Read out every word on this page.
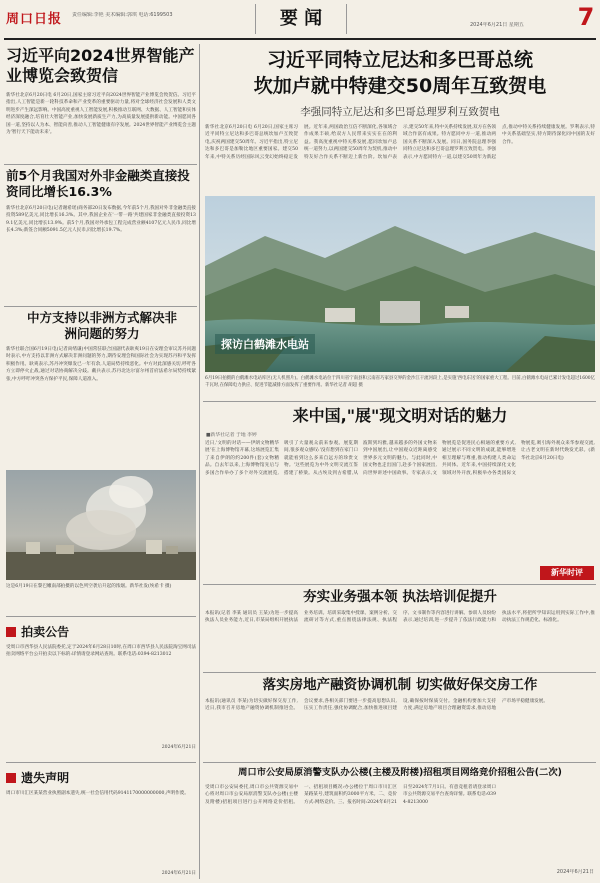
周口日报	责任编辑:李艳 美术编辑:郭琪 电话:6199503	要 闻	2024年6月21日 星期五	7
习近平向2024世界智能产业博览会致贺信
新华社北京6月20日电 6月20日,国家主席习近平向2024世界智能产业博览会致贺信。习近平指出,人工智能是新一轮科技革命和产业变革的重要驱动力量,将对全球经济社会发展和人类文明进步产生深远影响。中国高度重视人工智能发展,积极推动互联网、大数据、人工智能和实体经济深度融合,培育壮大智能产业,加快发展新质生产力,为高质量发展提供新动能。中国愿同各国一道,坚持以人为本、智能向善,推动人工智能健康有序发展。2024世界智能产业博览会主题为'智行天下能动未来'。
前5个月我国对外非金融类直接投资同比增长16.3%
新华社北京6月20日电(记者谢希瑶)商务部20日发布数据,今年前5个月,我国对外非金融类直接投资589亿美元,同比增长16.3%。其中,我国企业在'一带一路'共建国家非金融类直接投资139.1亿美元,同比增长13.9%。前5个月,我国对外承包工程完成营业额4107亿元人民币,同比增长4.3%;新签合同额5091.5亿元人民币,同比增长19.7%。
中方支持以非洲方式解决非洲问题的努力
新华社联合国6月19日电(记者尚绪谦)中国常驻联合国副代表耿爽19日在安理会审议苏丹问题时表示,中方支持以非洲方式解决非洲问题的努力,期待安理会和国际社会为实现苏丹和平发挥积极作用。耿爽表示,苏丹冲突爆发已一年有余,人道局势持续恶化。中方对此深感关切,呼吁各方立即停火止战,通过对话协商解决分歧。戴兵表示,苏丹北达尔富尔州首府法希尔局势持续紧张,中方呼吁冲突各方保护平民,保障人道准入。
这是6月19日在黎巴嫩南部拍摄的以色列空袭后升起的浓烟。新华社发(埃希卡 摄)
拍卖公告
受周口市西华县人民法院委托,定于2024年6月28日10时,在周口市西华县人民法院淘宝网司法拍卖网络平台公开拍卖以下标的:详情请登录网站查询。联系电话:0394-8213012
2024年6月21日
遗失声明
周口市川汇区某某营业执照副本遗失,统一社会信用代码9141170000000000,声明作废。
2024年6月21日
习近平同特立尼达和多巴哥总统
坎加卢就中特建交50周年互致贺电
李强同特立尼达和多巴哥总理罗利互致贺电
新华社北京6月20日电 6月20日,国家主席习近平同特立尼达和多巴哥总统坎加卢互致贺电,庆祝两国建交50周年。习近平指出,特立尼达和多巴哥是加勒比地区重要国家。建交50年来,中特关系历经国际风云变幻始终稳定发展。近年来,两国政治互信不断深化,各领域合作成果丰硕,给双方人民带来实实在在的利益。我高度重视中特关系发展,愿同坎加卢总统一道努力,以两国建交50周年为契机,推动中特友好合作关系不断迈上新台阶。坎加卢表示,建交50年来,特中关系持续发展,双方在各领域合作富有成果。特方愿同中方一道,推动两国关系不断深入发展。同日,国务院总理李强同特立尼达和多巴哥总理罗利互致贺电。李强表示,中方愿同特方一道,以建交50周年为新起点,推动中特关系持续健康发展。罗利表示,特中关系基础坚实,特方期待深化同中国的友好合作。
探访白鹤滩水电站
6月19日拍摄的白鹤滩水电站库区(无人机照片)。白鹤滩水电站位于四川省宁南县和云南省巧家县交界的金沙江干流河段上,是实施'西电东送'的国家重大工程。目前,白鹤滩水电站已累计发电超过1600亿千瓦时,在保障电力供应、促进节能减排方面发挥了重要作用。新华社记者 胡超 摄
来中国,"展"现文明对话的魅力
■新华社记者 于地 李婷
近日,'文明的对话——伊朗文物精华展'在上海博物馆开幕,这场展览汇集了来自伊朗的约200件(套)文物精品。自去年以来,上海博物馆先后与多国合作举办了多个对外交流展览,吸引了大量观众前来参观。展览期间,很多观众感叹:'没有想到在家门口就能看到这么多来自远方的珍贵文物。'这些展览为中外文明交流互鉴搭建了桥梁。从古埃及到古希腊,从波斯到玛雅,越来越多的外国文物来到中国展出,让中国观众近距离感受世界多元文明的魅力。与此同时,中国文物也走出国门,赴多个国家展出,向世界讲述中国故事。专家表示,文物展览是促进民心相通的重要方式,通过展示不同文明的成就,能够增进相互理解与尊重,推动构建人类命运共同体。近年来,中国持续深化文化领域对外开放,积极举办各类国际文物展览,吸引海外观众来华参观交流,让古老文明在新时代焕发光彩。(新华社北京6月20日电)
新华时评
夯实业务强本领 执法培训促提升
本报讯(记者 李某 通讯员 王某)为进一步提高执法人员业务能力,近日,市某局组织开展执法业务培训。培训采取集中授课、案例分析、交流研讨等方式,重点围绕法律法规、执法程序、文书制作等内容进行讲解。参训人员纷纷表示,通过培训,进一步提升了依法行政能力和执法水平,将把所学知识运用到实际工作中,推动执法工作规范化、标准化。
落实房地产融资协调机制 切实做好保交房工作
本报讯(通讯员 李某)为切实做好保交房工作,近日,我市召开房地产融资协调机制推进会。会议要求,各相关部门要进一步提高思想认识,压实工作责任,强化协调配合,加快推进项目建设,确保按时保质交付。金融机构要加大支持力度,满足房地产项目合理融资需求,推动房地产市场平稳健康发展。
周口市公安局原消警支队办公楼(主楼及附楼)招租项目网络竞价招租公告(二次)
受周口市公安局委托,周口市公共资源交易中心将对周口市公安局原消警支队办公楼(主楼及附楼)招租项目进行公开网络竞价招租。一、招租项目概况:办公楼位于周口市川汇区某路某号,建筑面积约3000平方米。二、竞价方式:网络竞价。三、报名时间:2024年6月21日至2024年7月1日。有意竞租者请登录周口市公共资源交易平台查询详情。联系电话:0394-8213000
2024年6月21日
